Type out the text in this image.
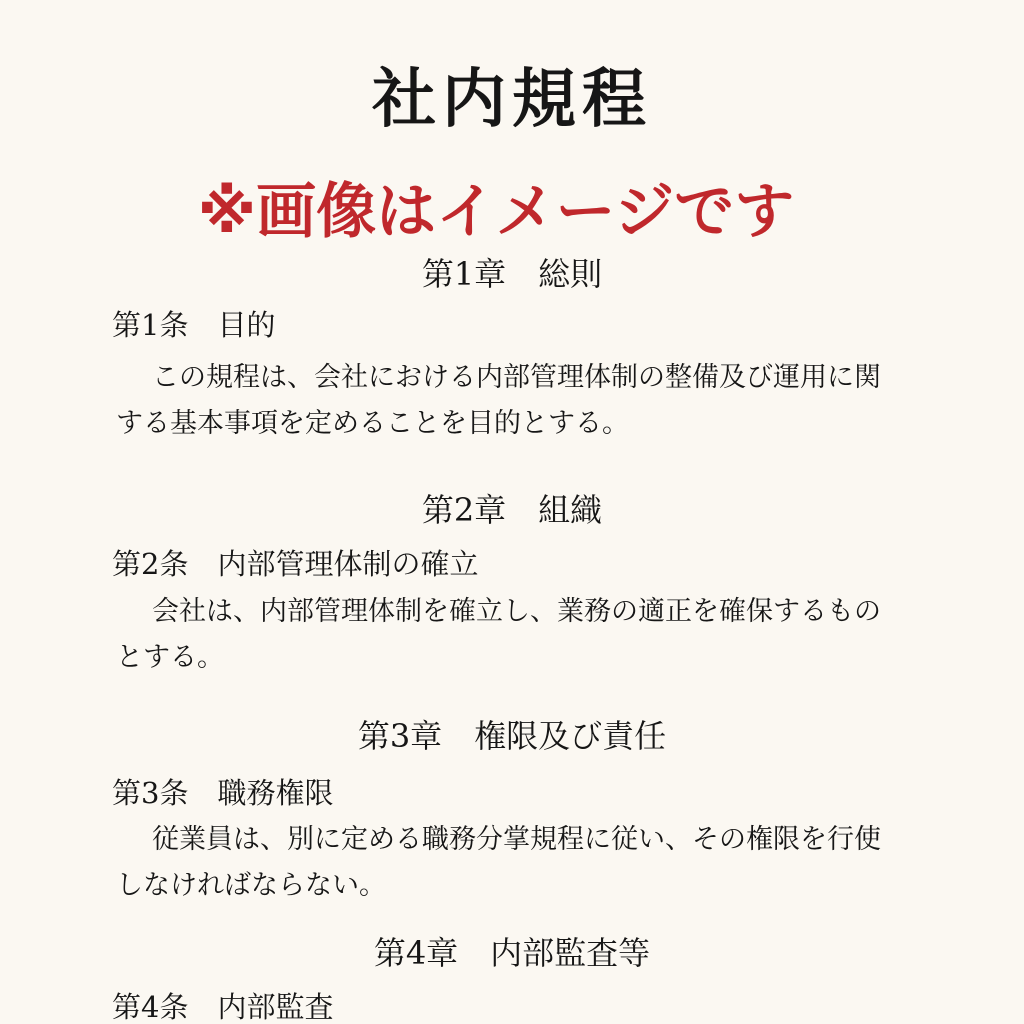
社内規程
※画像はイメージです
第1章　総則
第1条　目的
この規程は、会社における内部管理体制の整備及び運用に関
する基本事項を定めることを目的とする。
第2章　組織
第2条　内部管理体制の確立
会社は、内部管理体制を確立し、業務の適正を確保するもの
とする。
第3章　権限及び責任
第3条　職務権限
従業員は、別に定める職務分掌規程に従い、その権限を行使
しなければならない。
第4章　内部監査等
第4条　内部監査
